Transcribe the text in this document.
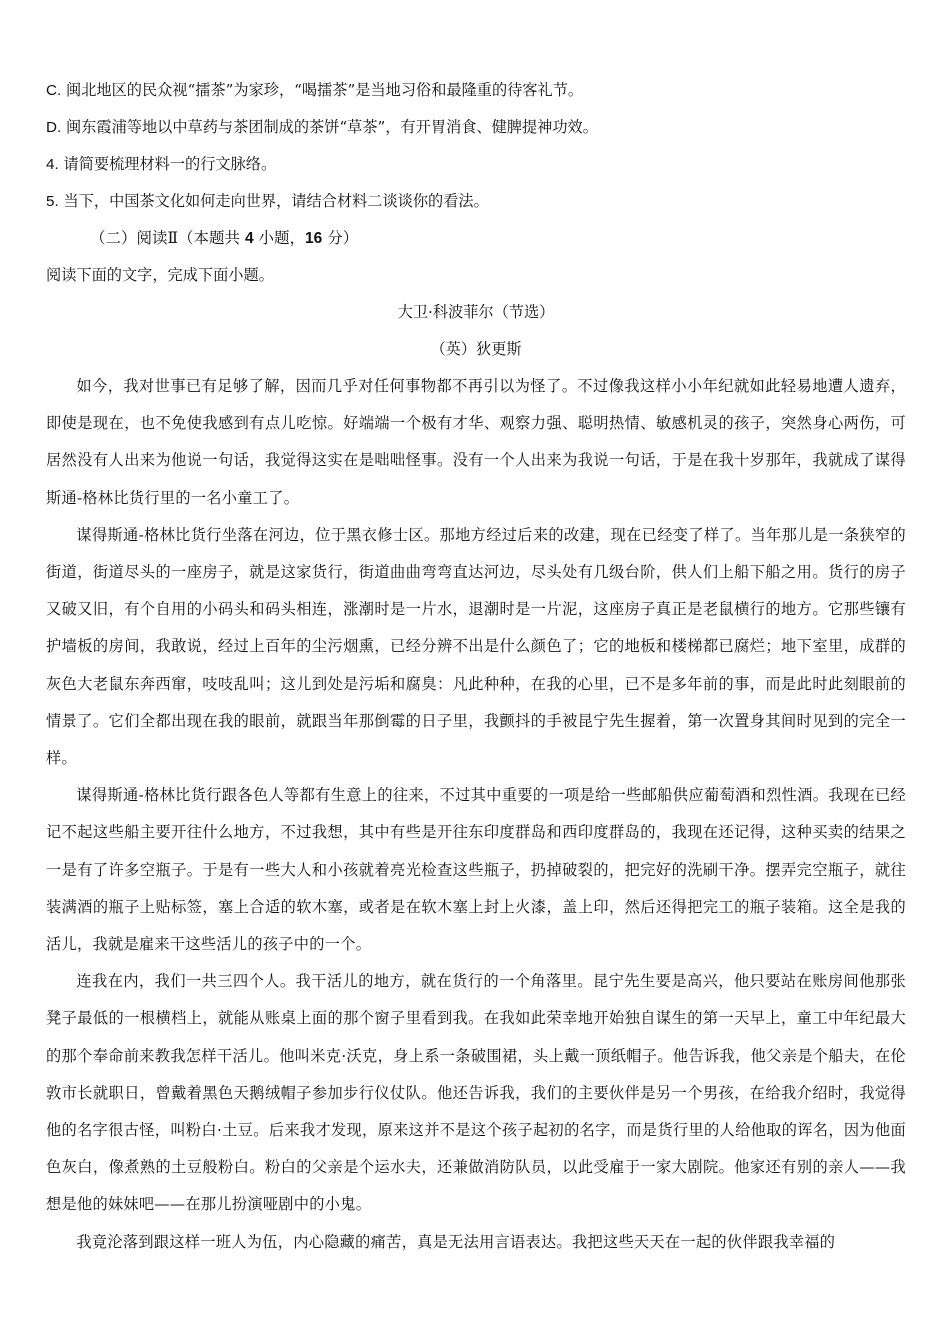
C. 闽北地区的民众视“擂茶”为家珍，“喝擂茶”是当地习俗和最隆重的待客礼节。

D. 闽东霞浦等地以中草药与茶团制成的茶饼“草茶”，有开胃消食、健脾提神功效。

4. 请简要梳理材料一的行文脉络。

5. 当下，中国茶文化如何走向世界，请结合材料二谈谈你的看法。

（二）阅读Ⅱ（本题共 4 小题，16 分）

阅读下面的文字，完成下面小题。

大卫·科波菲尔（节选）

（英）狄更斯

如今，我对世事已有足够了解，因而几乎对任何事物都不再引以为怪了。不过像我这样小小年纪就如此轻易地遭人遗弃，即使是现在，也不免使我感到有点儿吃惊。好端端一个极有才华、观察力强、聪明热情、敏感机灵的孩子，突然身心两伤，可居然没有人出来为他说一句话，我觉得这实在是咄咄怪事。没有一个人出来为我说一句话，于是在我十岁那年，我就成了谋得斯通-格林比货行里的一名小童工了。

谋得斯通-格林比货行坐落在河边，位于黑衣修士区。那地方经过后来的改建，现在已经变了样了。当年那儿是一条狭窄的街道，街道尽头的一座房子，就是这家货行，街道曲曲弯弯直达河边，尽头处有几级台阶，供人们上船下船之用。货行的房子又破又旧，有个自用的小码头和码头相连，涨潮时是一片水，退潮时是一片泥，这座房子真正是老鼠横行的地方。它那些镶有护墙板的房间，我敢说，经过上百年的尘污烟熏，已经分辨不出是什么颜色了；它的地板和楼梯都已腐烂；地下室里，成群的灰色大老鼠东奔西窜，吱吱乱叫；这儿到处是污垢和腐臭：凡此种种，在我的心里，已不是多年前的事，而是此时此刻眼前的情景了。它们全都出现在我的眼前，就跟当年那倒霉的日子里，我颤抖的手被昆宁先生握着，第一次置身其间时见到的完全一样。

谋得斯通-格林比货行跟各色人等都有生意上的往来，不过其中重要的一项是给一些邮船供应葡萄酒和烈性酒。我现在已经记不起这些船主要开往什么地方，不过我想，其中有些是开往东印度群岛和西印度群岛的，我现在还记得，这种买卖的结果之一是有了许多空瓶子。于是有一些大人和小孩就着亮光检查这些瓶子，扔掉破裂的，把完好的洗刷干净。摆弄完空瓶子，就往装满酒的瓶子上贴标签，塞上合适的软木塞，或者是在软木塞上封上火漆，盖上印，然后还得把完工的瓶子装箱。这全是我的活儿，我就是雇来干这些活儿的孩子中的一个。

连我在内，我们一共三四个人。我干活儿的地方，就在货行的一个角落里。昆宁先生要是高兴，他只要站在账房间他那张凳子最低的一根横档上，就能从账桌上面的那个窗子里看到我。在我如此荣幸地开始独自谋生的第一天早上，童工中年纪最大的那个奉命前来教我怎样干活儿。他叫米克·沃克，身上系一条破围裙，头上戴一顶纸帽子。他告诉我，他父亲是个船夫，在伦敦市长就职日，曾戴着黑色天鹅绒帽子参加步行仪仗队。他还告诉我，我们的主要伙伴是另一个男孩，在给我介绍时，我觉得他的名字很古怪，叫粉白·土豆。后来我才发现，原来这并不是这个孩子起初的名字，而是货行里的人给他取的诨名，因为他面色灰白，像煮熟的土豆般粉白。粉白的父亲是个运水夫，还兼做消防队员，以此受雇于一家大剧院。他家还有别的亲人——我想是他的妹妹吧——在那儿扮演哑剧中的小鬼。

我竟沦落到跟这样一班人为伍，内心隐藏的痛苦，真是无法用言语表达。我把这些天天在一起的伙伴跟我幸福的
